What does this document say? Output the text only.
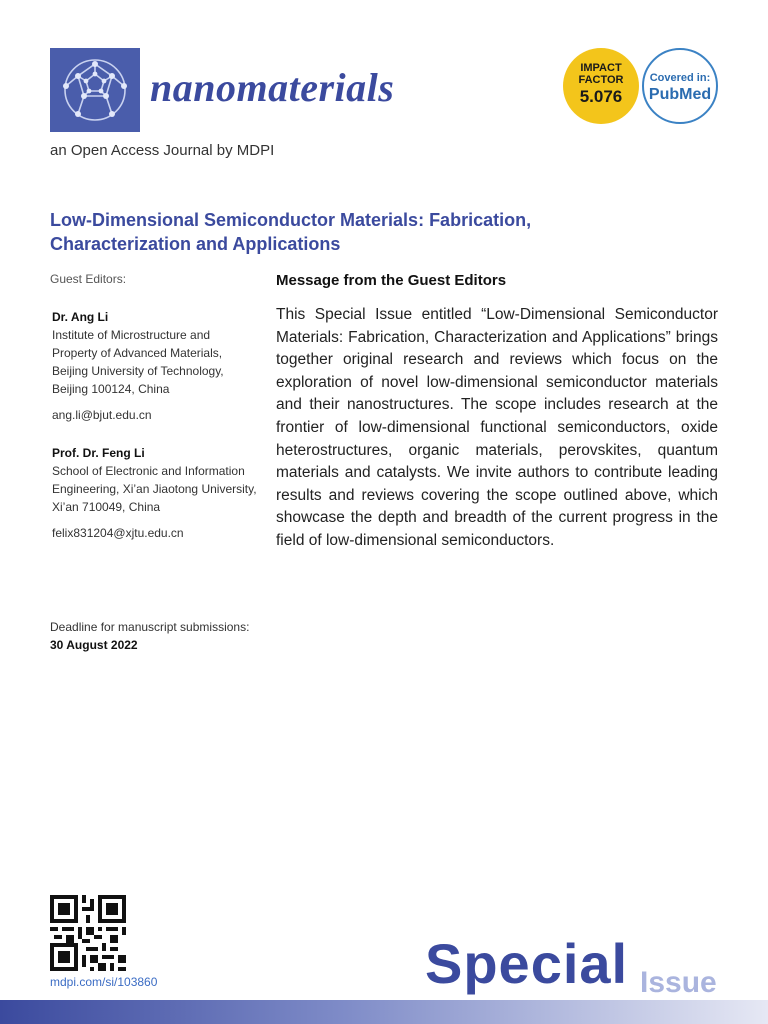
nanomaterials
an Open Access Journal by MDPI
IMPACT
FACTOR
5.076
Covered in:
PubMed
Low-Dimensional Semiconductor Materials: Fabrication, Characterization and Applications
Guest Editors:
Dr. Ang Li
Institute of Microstructure and Property of Advanced Materials, Beijing University of Technology, Beijing 100124, China
ang.li@bjut.edu.cn
Prof. Dr. Feng Li
School of Electronic and Information Engineering, Xi’an Jiaotong University, Xi’an 710049, China
felix831204@xjtu.edu.cn
Deadline for manuscript submissions:
30 August 2022
Message from the Guest Editors

This Special Issue entitled “Low-Dimensional Semiconductor Materials: Fabrication, Characterization and Applications” brings together original research and reviews which focus on the exploration of novel low-dimensional semiconductor materials and their nanostructures. The scope includes research at the frontier of low-dimensional functional semiconductors, oxide heterostructures, organic materials, perovskites, quantum materials and catalysts. We invite authors to contribute leading results and reviews covering the scope outlined above, which showcase the depth and breadth of the current progress in the field of low-dimensional semiconductors.

mdpi.com/si/103860	Special Issue
